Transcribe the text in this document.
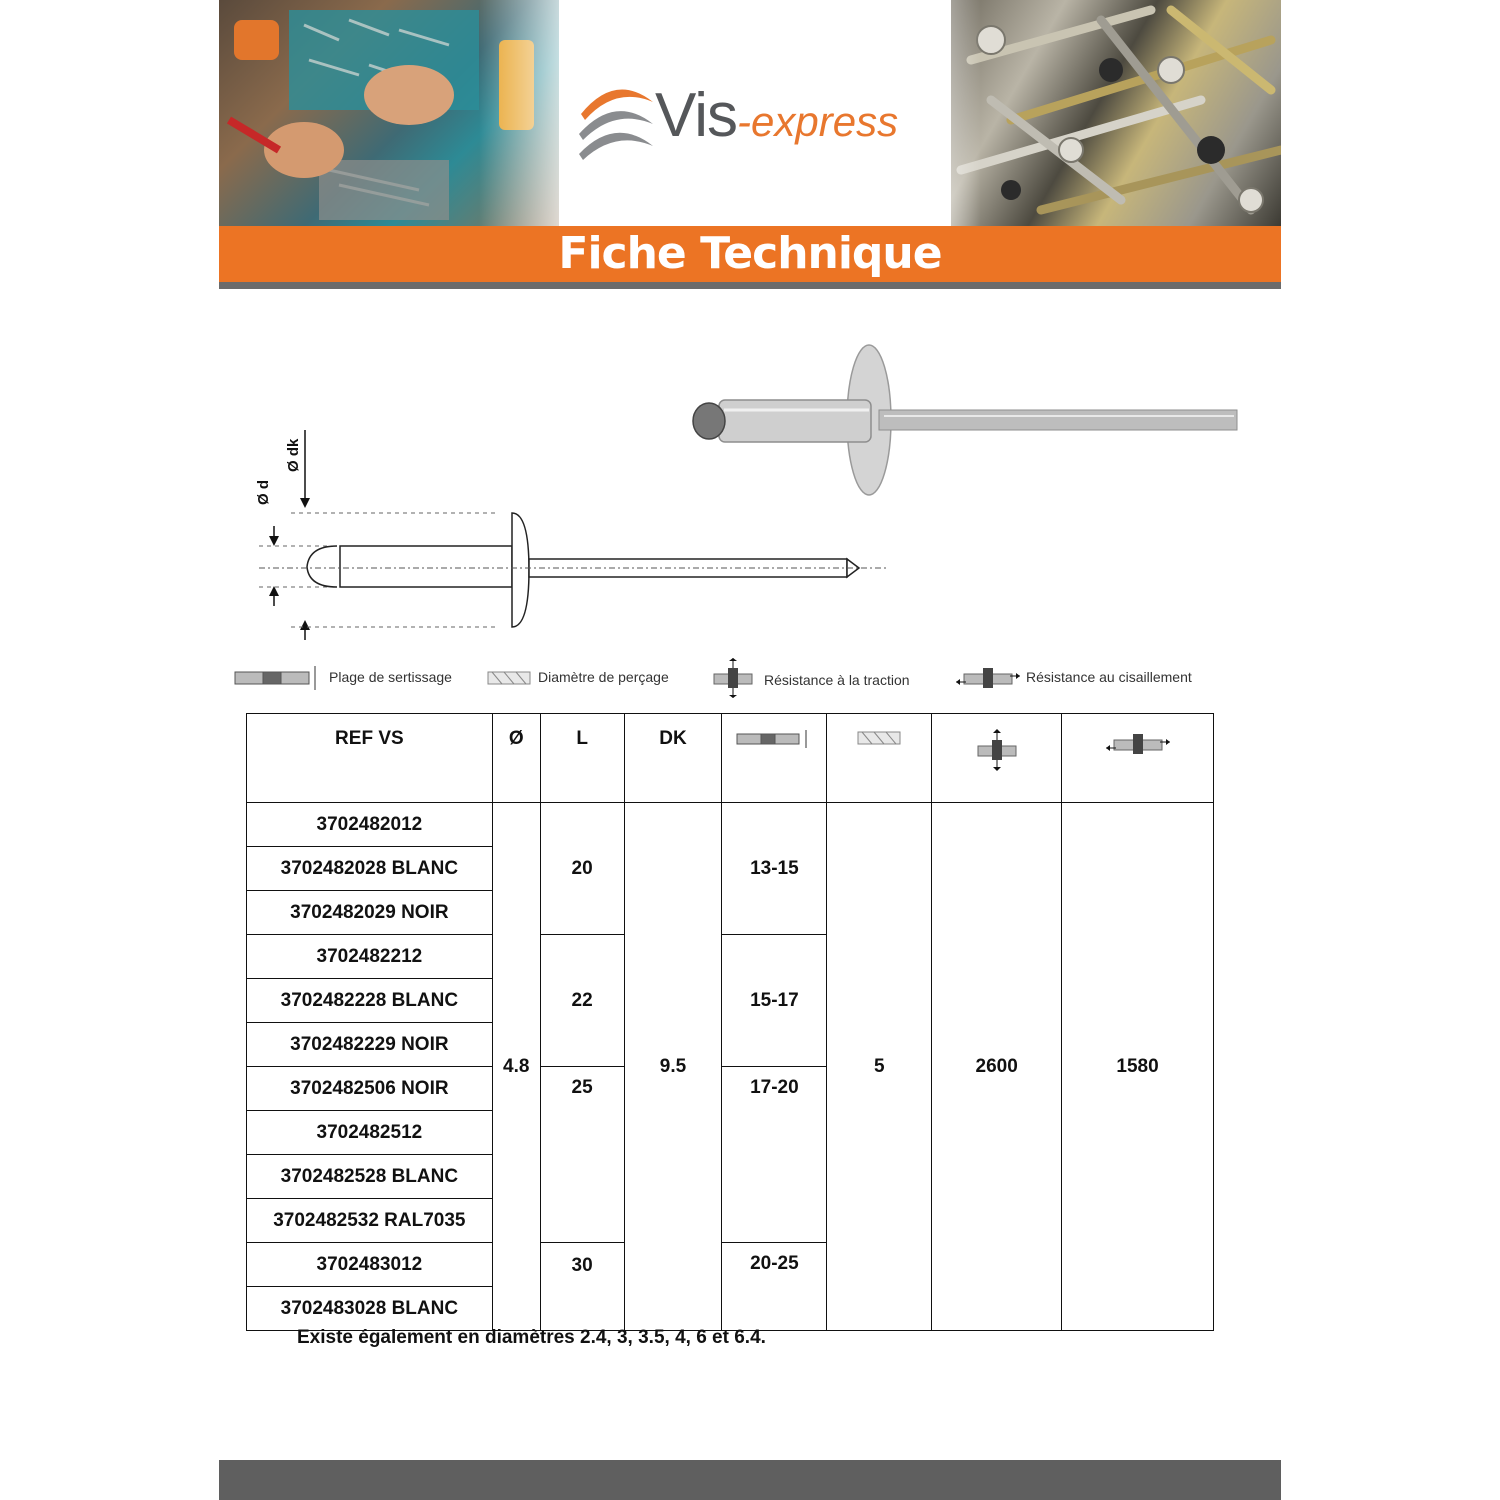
Vis-express
Fiche Technique
Ø d
Ø dk
Plage de sertissage	Diamètre de perçage	Résistance à la traction	Résistance au cisaillement
REF VS	Ø	L	DK				
3702482012	4.8	20	9.5	13-15	5	2600	1580
3702482028 BLANC							
3702482029 NOIR							
3702482212		22		15-17			
3702482228 BLANC							
3702482229 NOIR							
3702482506 NOIR		25		17-20			
3702482512							
3702482528 BLANC							
3702482532 RAL7035							
3702483012		30		20-25			
3702483028 BLANC							
Existe également en diamètres 2.4, 3, 3.5, 4, 6 et 6.4.
